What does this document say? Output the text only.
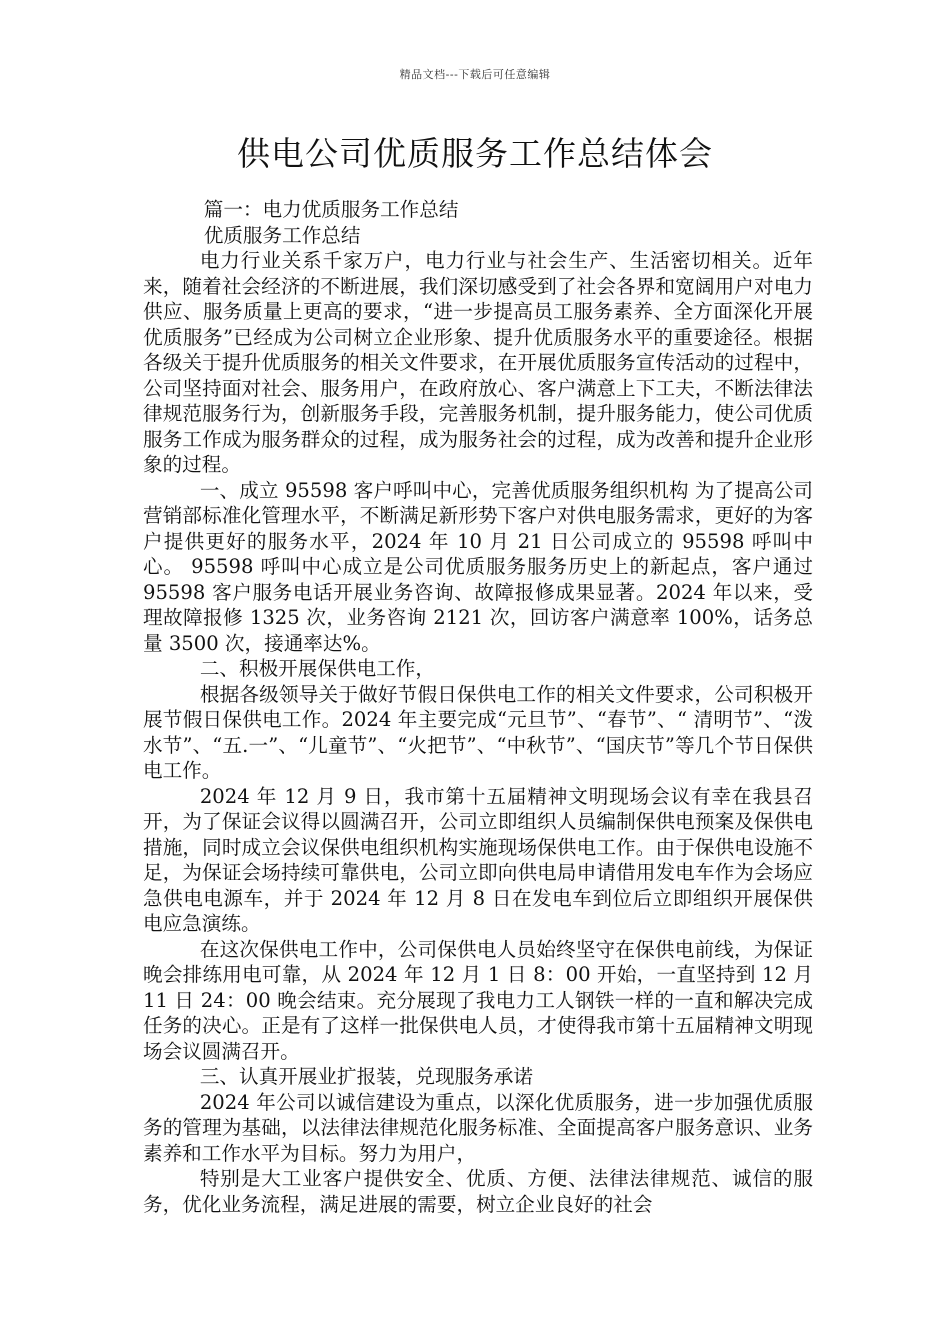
精品文档---下载后可任意编辑
供电公司优质服务工作总结体会

篇一：电力优质服务工作总结

优质服务工作总结

电力行业关系千家万户，电力行业与社会生产、生活密切相关。近年来，随着社会经济的不断进展，我们深切感受到了社会各界和宽阔用户对电力供应、服务质量上更高的要求，“进一步提高员工服务素养、全方面深化开展优质服务”已经成为公司树立企业形象、提升优质服务水平的重要途径。根据各级关于提升优质服务的相关文件要求，在开展优质服务宣传活动的过程中，公司坚持面对社会、服务用户，在政府放心、客户满意上下工夫，不断法律法律规范服务行为，创新服务手段，完善服务机制，提升服务能力，使公司优质服务工作成为服务群众的过程，成为服务社会的过程，成为改善和提升企业形象的过程。

一、成立 95598 客户呼叫中心，完善优质服务组织机构 为了提高公司营销部标准化管理水平，不断满足新形势下客户对供电服务需求，更好的为客户提供更好的服务水平，2024 年 10 月 21 日公司成立的 95598 呼叫中心。 95598 呼叫中心成立是公司优质服务服务历史上的新起点，客户通过 95598 客户服务电话开展业务咨询、故障报修成果显著。2024 年以来，受理故障报修 1325 次，业务咨询 2121 次，回访客户满意率 100%，话务总量 3500 次，接通率达%。

二、积极开展保供电工作，

根据各级领导关于做好节假日保供电工作的相关文件要求，公司积极开展节假日保供电工作。2024 年主要完成“元旦节”、“春节”、“ 清明节”、“泼水节”、“五.一”、“儿童节”、“火把节”、“中秋节”、“国庆节”等几个节日保供电工作。

2024 年 12 月 9 日，我市第十五届精神文明现场会议有幸在我县召开，为了保证会议得以圆满召开，公司立即组织人员编制保供电预案及保供电措施，同时成立会议保供电组织机构实施现场保供电工作。由于保供电设施不足，为保证会场持续可靠供电，公司立即向供电局申请借用发电车作为会场应急供电电源车，并于 2024 年 12 月 8 日在发电车到位后立即组织开展保供电应急演练。

在这次保供电工作中，公司保供电人员始终坚守在保供电前线，为保证晚会排练用电可靠，从 2024 年 12 月 1 日 8：00 开始，一直坚持到 12 月 11 日 24：00 晚会结束。充分展现了我电力工人钢铁一样的一直和解决完成任务的决心。正是有了这样一批保供电人员，才使得我市第十五届精神文明现场会议圆满召开。

三、认真开展业扩报装，兑现服务承诺

2024 年公司以诚信建设为重点，以深化优质服务，进一步加强优质服务的管理为基础，以法律法律规范化服务标准、全面提高客户服务意识、业务素养和工作水平为目标。努力为用户，

特别是大工业客户提供安全、优质、方便、法律法律规范、诚信的服务，优化业务流程，满足进展的需要，树立企业良好的社会
